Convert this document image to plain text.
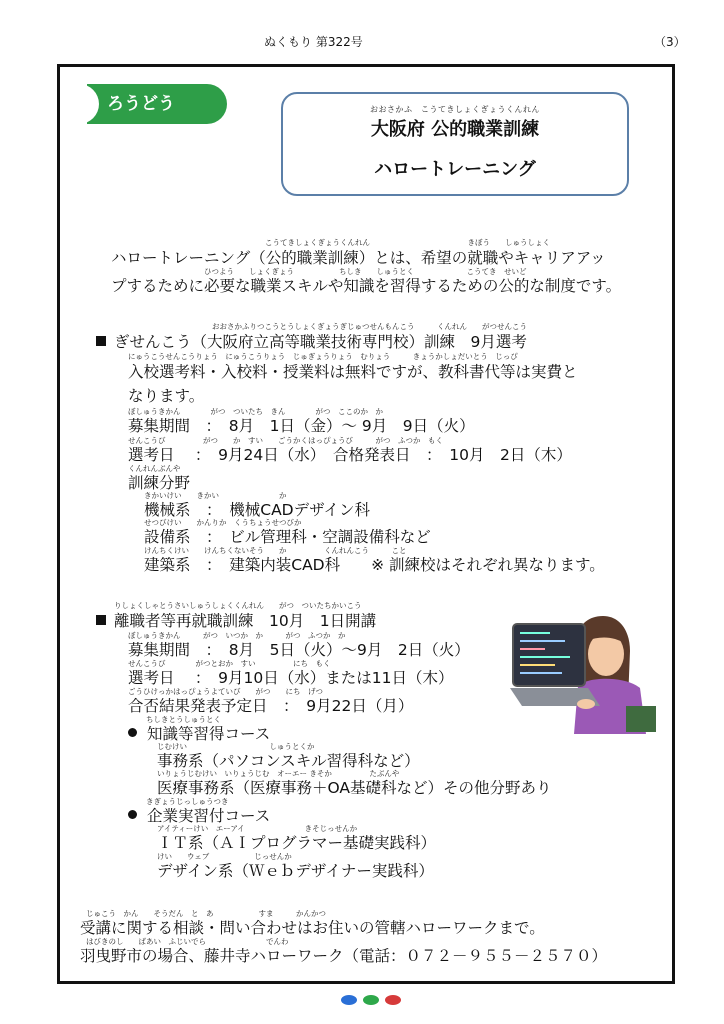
ぬくもり 第322号	（3）
ろうどう	おおさかふ　こうてきしょくぎょうくんれん
大阪府 公的職業訓練
ハロートレーニング
こうてきしょくぎょうくんれん　　　　　　　　　　　　　きぼう　　しゅうしょく
ハロートレーニング（公的職業訓練）とは、希望の就職やキャリアアッ
ひつよう　　しょくぎょう　　　　　　ちしき　　しゅうとく　　　　　　　こうてき　せいど
プするために必要な職業スキルや知識を習得するための公的な制度です。
おおさかふりつこうとうしょくぎょうぎじゅつせんもんこう　　　くんれん　　がつせんこう
ぎせんこう（大阪府立高等職業技術専門校）訓練　9月選考
にゅうこうせんこうりょう　にゅうこうりょう　じゅぎょうりょう　むりょう　　　きょうかしょだいとう　じっぴ
入校選考料・入校料・授業料は無料ですが、教科書代等は実費と
なります。
ぼしゅうきかん　　　　がつ　ついたち　きん　　　　がつ　ここのか　か
募集期間　：　8月　1日（金）～ 9月　9日（火）
せんこうび　　　　　がつ　　か　すい　　ごうかくはっぴょうび　　　がつ　ふつか　もく
選考日　 ：　9月24日（水）　合格発表日　：　10月　2日（木）
くんれんぶんや
訓練分野
きかいけい　　きかい　　　　　　　　か
機械系　：　機械CADデザイン科
せつびけい　　かんりか　くうちょうせつびか
設備系　：　ビル管理科・空調設備科など
けんちくけい　　けんちくないそう　　か　　　　　くんれんこう　　　こと
建築系　：　建築内装CAD科　　※ 訓練校はそれぞれ異なります。
りしょくしゃとうさいしゅうしょくくんれん　　がつ　ついたちかいこう
離職者等再就職訓練　10月　1日開講
ぼしゅうきかん　　　がつ　いつか　か　　　がつ　ふつか　か
募集期間　：　8月　5日（火）～9月　2日（火）
せんこうび　　　　がつとおか　すい　　　　　にち　もく
選考日　 ：　9月10日（水）または11日（木）
ごうひけっかはっぴょうよていび　　がつ　　にち　げつ
合否結果発表予定日　：　9月22日（月）
ちしきとうしゅうとく
知識等習得コース
じむけい　　　　　　　　　　　しゅうとくか
事務系（パソコンスキル習得科など）
いりょうじむけい　いりょうじむ　オーエー きそか　　　　　たぶんや
医療事務系（医療事務＋OA基礎科など）その他分野あり
きぎょうじっしゅうつき
企業実習付コース
アイティーけい　エーアイ　　　　　　　　きそじっせんか
ＩＴ系（ＡＩプログラマー基礎実践科）
けい　　ウェブ　　　　　　じっせんか
デザイン系（Ｗｅｂデザイナー実践科）
じゅこう　かん　　そうだん　と　あ　　　　　　すま　　　かんかつ
受講に関する相談・問い合わせはお住いの管轄ハローワークまで。
はびきのし　　ばあい　ふじいでら　　　　　　　　でんわ
羽曳野市の場合、藤井寺ハローワーク（電話：０７２－９５５－２５７０）
